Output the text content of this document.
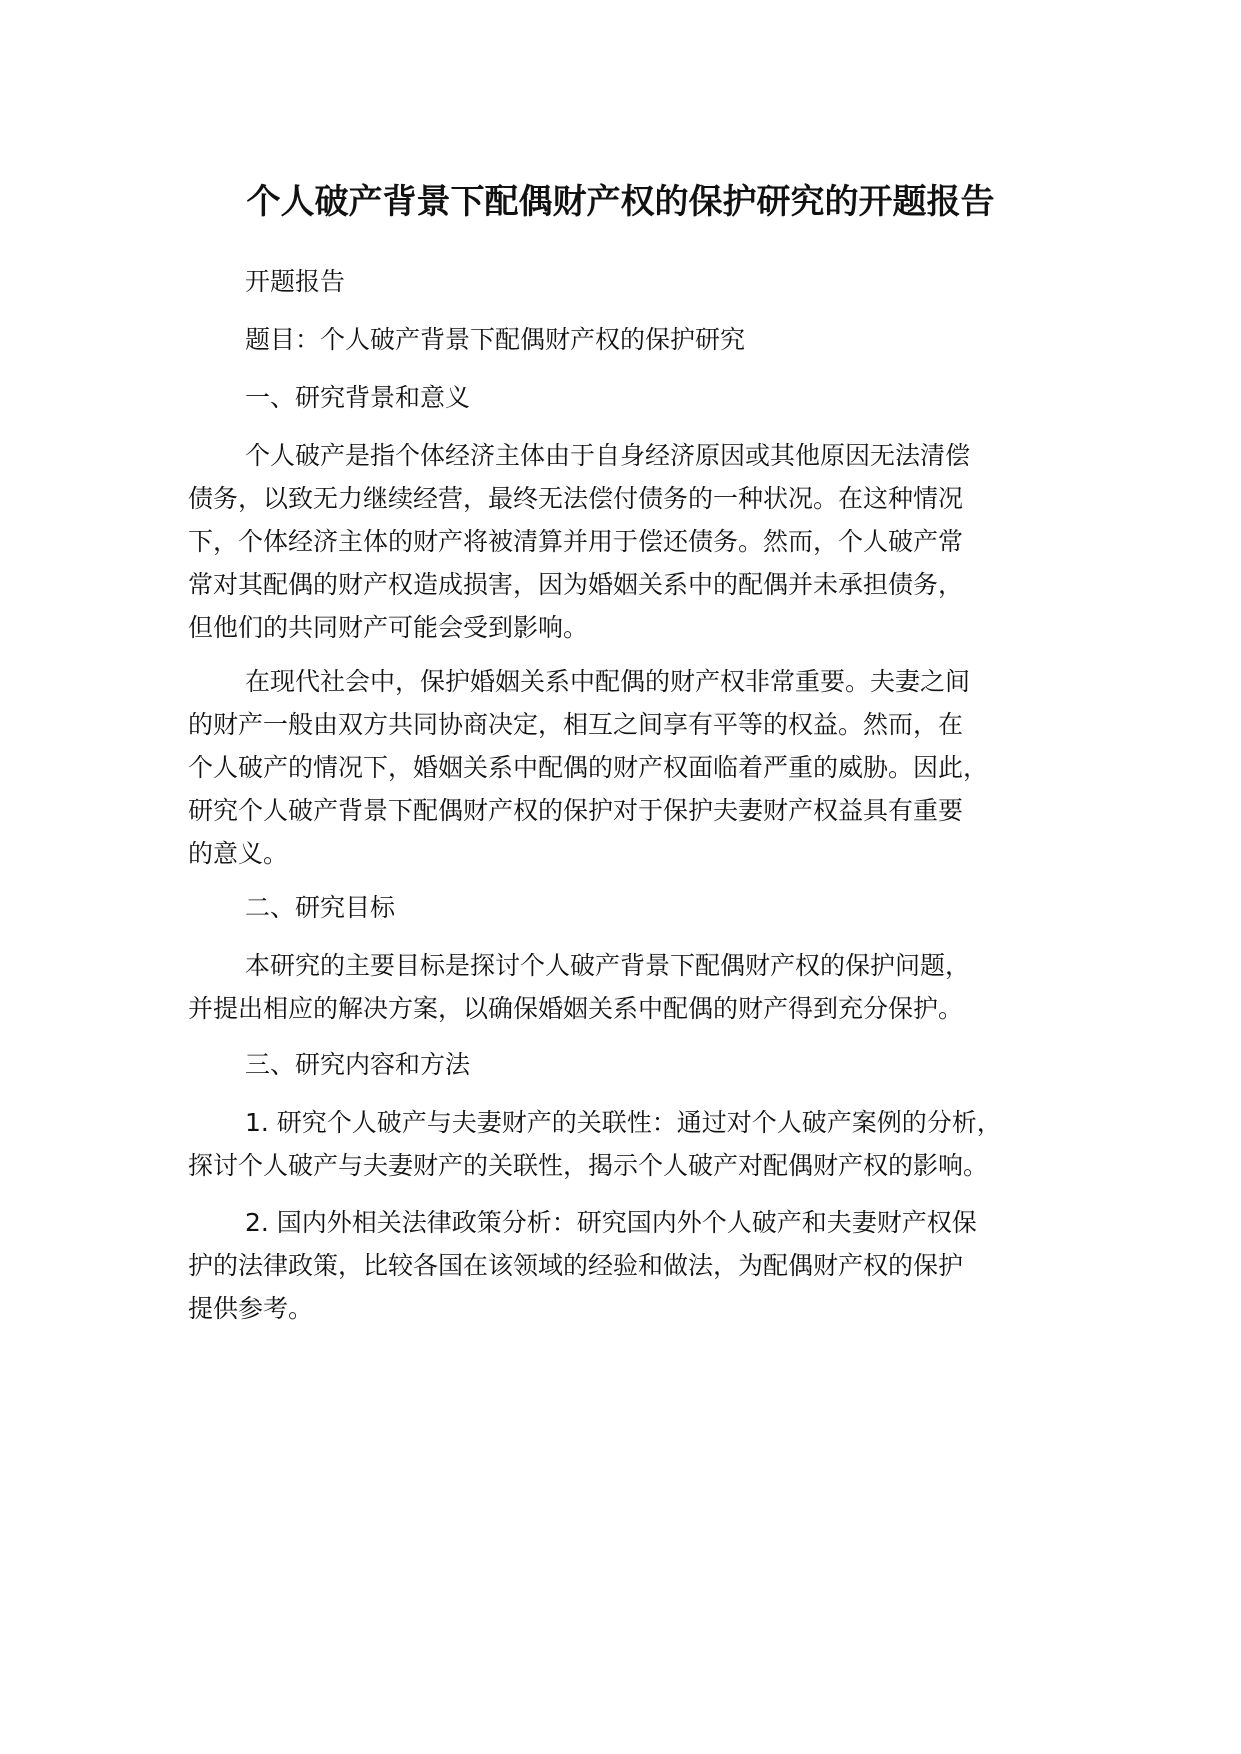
个人破产背景下配偶财产权的保护研究的开题报告

开题报告

题目：个人破产背景下配偶财产权的保护研究

一、研究背景和意义

个人破产是指个体经济主体由于自身经济原因或其他原因无法清偿

债务，以致无力继续经营，最终无法偿付债务的一种状况。在这种情况

下，个体经济主体的财产将被清算并用于偿还债务。然而，个人破产常

常对其配偶的财产权造成损害，因为婚姻关系中的配偶并未承担债务，

但他们的共同财产可能会受到影响。

在现代社会中，保护婚姻关系中配偶的财产权非常重要。夫妻之间

的财产一般由双方共同协商决定，相互之间享有平等的权益。然而，在

个人破产的情况下，婚姻关系中配偶的财产权面临着严重的威胁。因此，

研究个人破产背景下配偶财产权的保护对于保护夫妻财产权益具有重要

的意义。

二、研究目标

本研究的主要目标是探讨个人破产背景下配偶财产权的保护问题，

并提出相应的解决方案，以确保婚姻关系中配偶的财产得到充分保护。

三、研究内容和方法

1. 研究个人破产与夫妻财产的关联性：通过对个人破产案例的分析，

探讨个人破产与夫妻财产的关联性，揭示个人破产对配偶财产权的影响。

2. 国内外相关法律政策分析：研究国内外个人破产和夫妻财产权保

护的法律政策，比较各国在该领域的经验和做法，为配偶财产权的保护

提供参考。
